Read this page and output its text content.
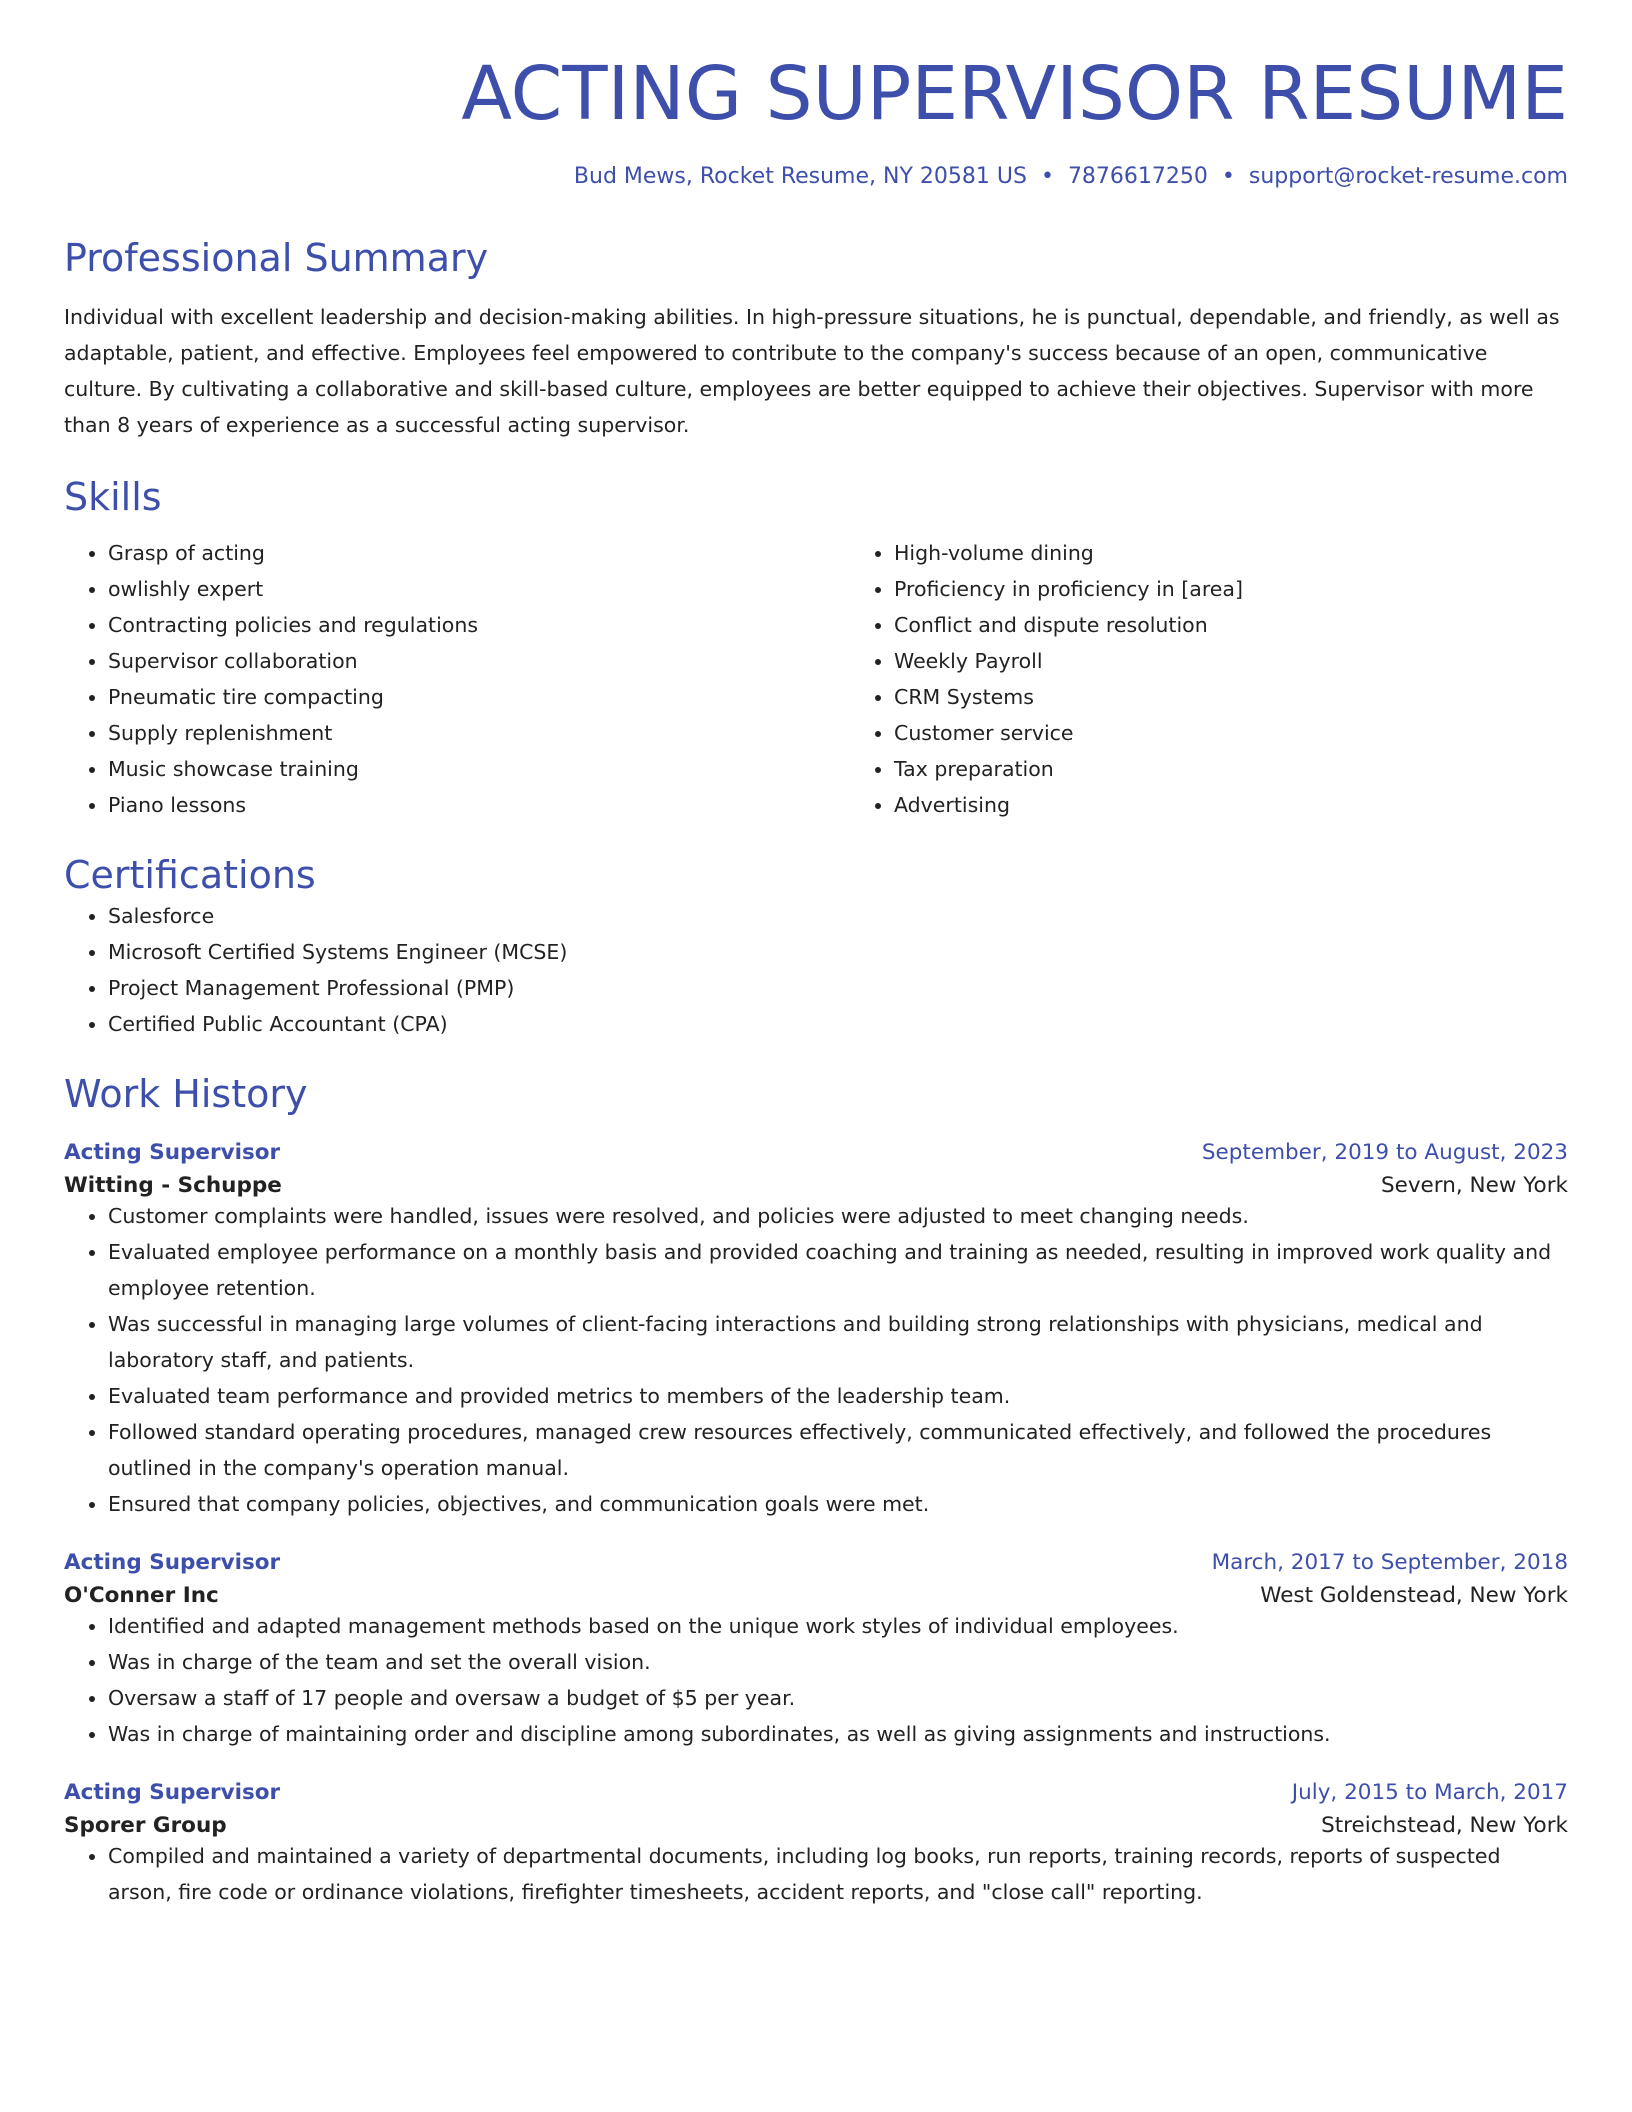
ACTING SUPERVISOR RESUME
Bud Mews, Rocket Resume, NY 20581 US • 7876617250 • support@rocket-resume.com
Professional Summary
Individual with excellent leadership and decision-making abilities. In high-pressure situations, he is punctual, dependable, and friendly, as well as adaptable, patient, and effective. Employees feel empowered to contribute to the company's success because of an open, communicative culture. By cultivating a collaborative and skill-based culture, employees are better equipped to achieve their objectives. Supervisor with more than 8 years of experience as a successful acting supervisor.
Skills
• Grasp of acting
• owlishly expert
• Contracting policies and regulations
• Supervisor collaboration
• Pneumatic tire compacting
• Supply replenishment
• Music showcase training
• Piano lessons
• High-volume dining
• Proficiency in proficiency in [area]
• Conflict and dispute resolution
• Weekly Payroll
• CRM Systems
• Customer service
• Tax preparation
• Advertising
Certifications
• Salesforce
• Microsoft Certified Systems Engineer (MCSE)
• Project Management Professional (PMP)
• Certified Public Accountant (CPA)
Work History
Acting Supervisor	September, 2019 to August, 2023
Witting - Schuppe	Severn, New York
• Customer complaints were handled, issues were resolved, and policies were adjusted to meet changing needs.
• Evaluated employee performance on a monthly basis and provided coaching and training as needed, resulting in improved work quality and employee retention.
• Was successful in managing large volumes of client-facing interactions and building strong relationships with physicians, medical and laboratory staff, and patients.
• Evaluated team performance and provided metrics to members of the leadership team.
• Followed standard operating procedures, managed crew resources effectively, communicated effectively, and followed the procedures outlined in the company's operation manual.
• Ensured that company policies, objectives, and communication goals were met.
Acting Supervisor	March, 2017 to September, 2018
O'Conner Inc	West Goldenstead, New York
• Identified and adapted management methods based on the unique work styles of individual employees.
• Was in charge of the team and set the overall vision.
• Oversaw a staff of 17 people and oversaw a budget of $5 per year.
• Was in charge of maintaining order and discipline among subordinates, as well as giving assignments and instructions.
Acting Supervisor	July, 2015 to March, 2017
Sporer Group	Streichstead, New York
• Compiled and maintained a variety of departmental documents, including log books, run reports, training records, reports of suspected arson, fire code or ordinance violations, firefighter timesheets, accident reports, and "close call" reporting.
